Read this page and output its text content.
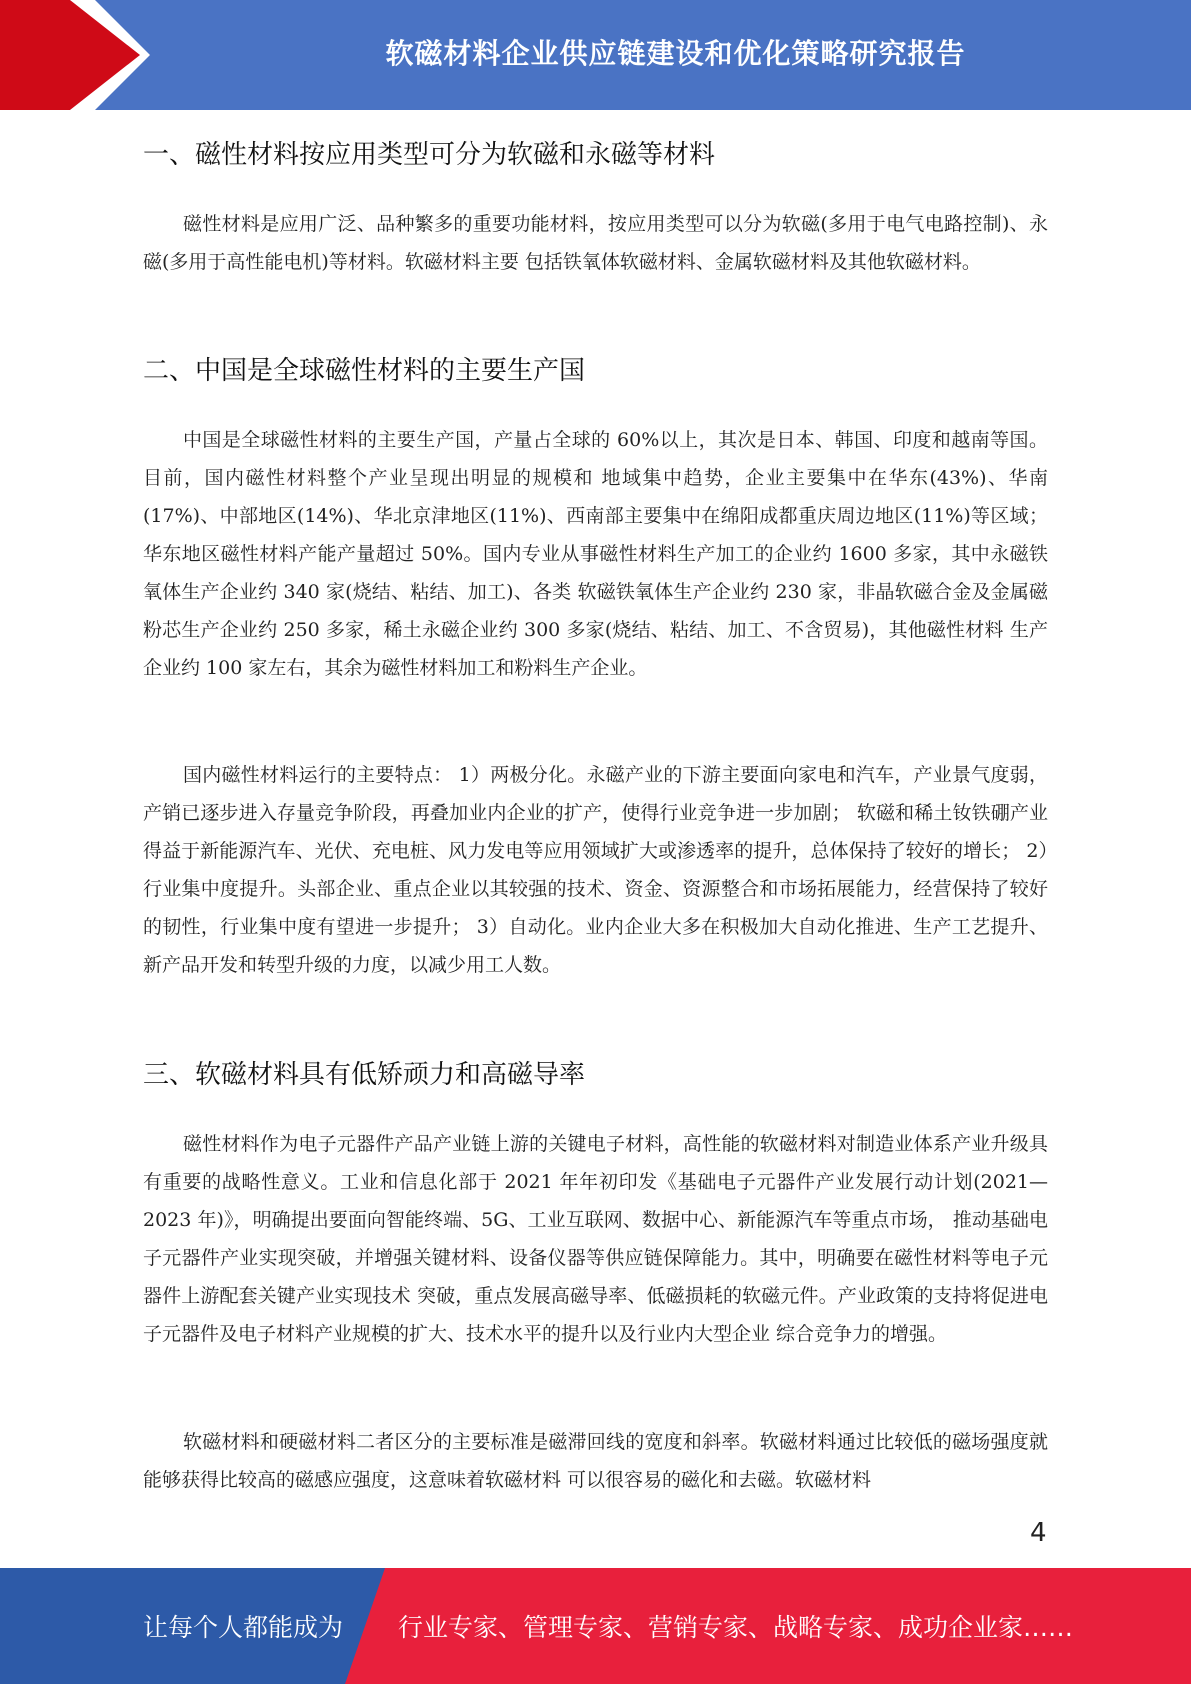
软磁材料企业供应链建设和优化策略研究报告
一、磁性材料按应用类型可分为软磁和永磁等材料

磁性材料是应用广泛、品种繁多的重要功能材料，按应用类型可以分为软磁(多用于电气电路控制)、永磁(多用于高性能电机)等材料。软磁材料主要 包括铁氧体软磁材料、金属软磁材料及其他软磁材料。

二、中国是全球磁性材料的主要生产国

中国是全球磁性材料的主要生产国，产量占全球的 60%以上，其次是日本、韩国、印度和越南等国。目前，国内磁性材料整个产业呈现出明显的规模和 地域集中趋势，企业主要集中在华东(43%)、华南(17%)、中部地区(14%)、华北京津地区(11%)、西南部主要集中在绵阳成都重庆周边地区(11%)等区域； 华东地区磁性材料产能产量超过 50%。国内专业从事磁性材料生产加工的企业约 1600 多家，其中永磁铁氧体生产企业约 340 家(烧结、粘结、加工)、各类 软磁铁氧体生产企业约 230 家，非晶软磁合金及金属磁粉芯生产企业约 250 多家，稀土永磁企业约 300 多家(烧结、粘结、加工、不含贸易)，其他磁性材料 生产企业约 100 家左右，其余为磁性材料加工和粉料生产企业。

国内磁性材料运行的主要特点： 1）两极分化。永磁产业的下游主要面向家电和汽车，产业景气度弱，产销已逐步进入存量竞争阶段，再叠加业内企业的扩产，使得行业竞争进一步加剧； 软磁和稀土钕铁硼产业得益于新能源汽车、光伏、充电桩、风力发电等应用领域扩大或渗透率的提升，总体保持了较好的增长； 2）行业集中度提升。头部企业、重点企业以其较强的技术、资金、资源整合和市场拓展能力，经营保持了较好的韧性，行业集中度有望进一步提升； 3）自动化。业内企业大多在积极加大自动化推进、生产工艺提升、新产品开发和转型升级的力度，以减少用工人数。

三、软磁材料具有低矫顽力和高磁导率

磁性材料作为电子元器件产品产业链上游的关键电子材料，高性能的软磁材料对制造业体系产业升级具有重要的战略性意义。工业和信息化部于 2021 年年初印发《基础电子元器件产业发展行动计划(2021—2023 年)》，明确提出要面向智能终端、5G、工业互联网、数据中心、新能源汽车等重点市场， 推动基础电子元器件产业实现突破，并增强关键材料、设备仪器等供应链保障能力。其中，明确要在磁性材料等电子元器件上游配套关键产业实现技术 突破，重点发展高磁导率、低磁损耗的软磁元件。产业政策的支持将促进电子元器件及电子材料产业规模的扩大、技术水平的提升以及行业内大型企业 综合竞争力的增强。

软磁材料和硬磁材料二者区分的主要标准是磁滞回线的宽度和斜率。软磁材料通过比较低的磁场强度就能够获得比较高的磁感应强度，这意味着软磁材料 可以很容易的磁化和去磁。软磁材料

4
让每个人都能成为 行业专家、管理专家、营销专家、战略专家、成功企业家……
